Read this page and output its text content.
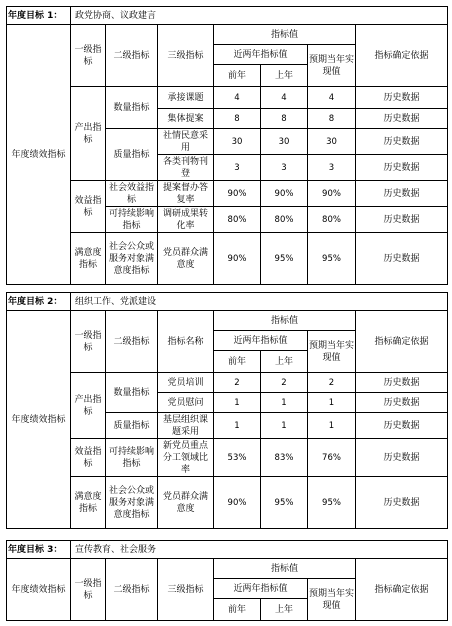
年度目标 1：	政党协商、议政建言						
年度绩效指标	一级指标	二级指标	三级指标	指标值			指标确定依据
				近两年指标值		预期当年实现值	
				前年	上年		
	产出指标	数量指标	承接课题	4	4	4	历史数据
			集体提案	8	8	8	历史数据
		质量指标	社情民意采用	30	30	30	历史数据
			各类刊物刊登	3	3	3	历史数据
	效益指标	社会效益指标	提案督办答复率	90%	90%	90%	历史数据
		可持续影响指标	调研成果转化率	80%	80%	80%	历史数据
	满意度指标	社会公众或服务对象满意度指标	党员群众满意度	90%	95%	95%	历史数据
年度目标 2：	组织工作、党派建设						
年度绩效指标	一级指标	二级指标	指标名称	指标值			指标确定依据
				近两年指标值		预期当年实现值	
				前年	上年		
	产出指标	数量指标	党员培训	2	2	2	历史数据
			党员慰问	1	1	1	历史数据
		质量指标	基层组织课题采用	1	1	1	历史数据
	效益指标	可持续影响指标	新党员重点分工领域比率	53%	83%	76%	历史数据
	满意度指标	社会公众或服务对象满意度指标	党员群众满意度	90%	95%	95%	历史数据
年度目标 3：	宣传教育、社会服务						
年度绩效指标	一级指标	二级指标	三级指标	指标值			指标确定依据
				近两年指标值		预期当年实现值	
				前年	上年		
